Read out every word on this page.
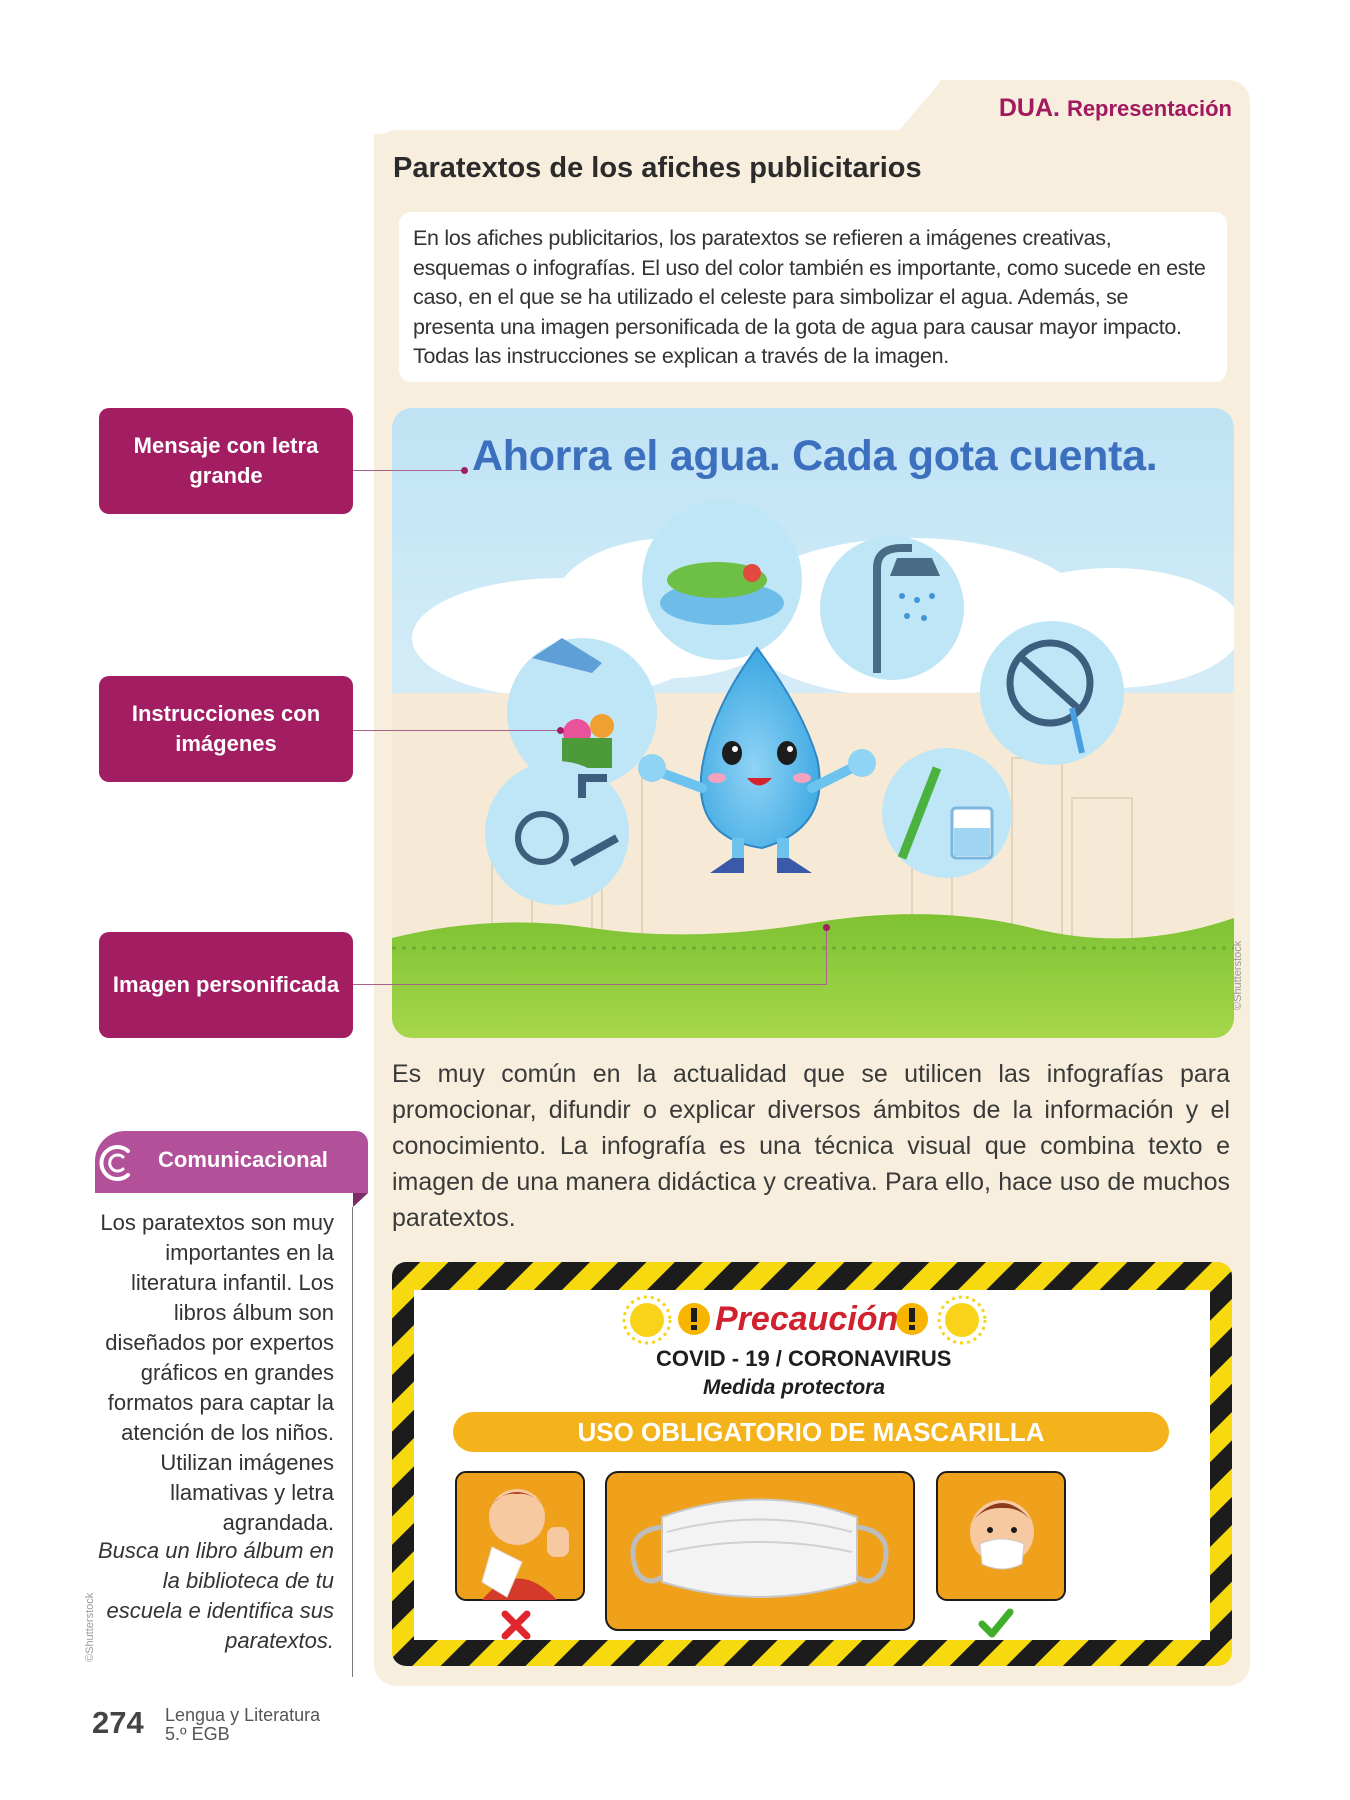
DUA. Representación
Paratextos de los afiches publicitarios
En los afiches publicitarios, los paratextos se refieren a imágenes creativas, esquemas o infografías. El uso del color también es importante, como sucede en este caso, en el que se ha utilizado el celeste para simbolizar el agua. Además, se presenta una imagen personificada de la gota de agua para causar mayor impacto. Todas las instrucciones se explican a través de la imagen.
Ahorra el agua. Cada gota cuenta.
Mensaje con letra grande
Instrucciones con imágenes
Imagen personificada	©Shutterstock
Es muy común en la actualidad que se utilicen las infografías para promocionar, difundir o explicar diversos ámbitos de la información y el conocimiento. La infografía es una técnica visual que combina texto e imagen de una manera didáctica y creativa. Para ello, hace uso de muchos paratextos.
Comunicacional
Los paratextos son muy importantes en la literatura infantil. Los libros álbum son diseñados por expertos gráficos en grandes formatos para captar la atención de los niños. Utilizan imágenes llamativas y letra agrandada.
Busca un libro álbum en la biblioteca de tu escuela e identifica sus paratextos.
©Shutterstock
Precaución
COVID - 19 / CORONAVIRUS
Medida protectora
USO OBLIGATORIO DE MASCARILLA
274 Lengua y Literatura
5.º EGB
